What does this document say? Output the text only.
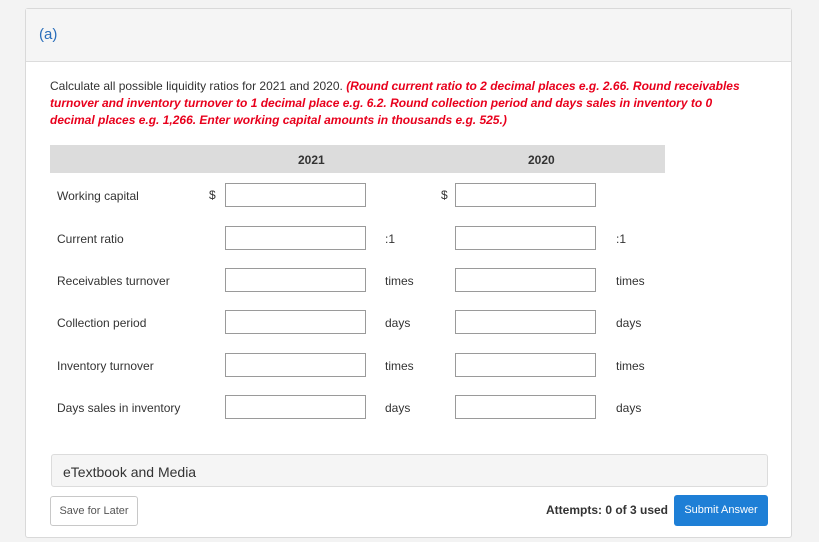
(a)
Calculate all possible liquidity ratios for 2021 and 2020. (Round current ratio to 2 decimal places e.g. 2.66. Round receivables turnover and inventory turnover to 1 decimal place e.g. 6.2. Round collection period and days sales in inventory to 0 decimal places e.g. 1,266. Enter working capital amounts in thousands e.g. 525.)
2021	2020
Working capital	$	$
Current ratio	:1	:1
Receivables turnover	times	times
Collection period	days	days
Inventory turnover	times	times
Days sales in inventory	days	days
eTextbook and Media
Save for Later	Attempts: 0 of 3 used	Submit Answer
